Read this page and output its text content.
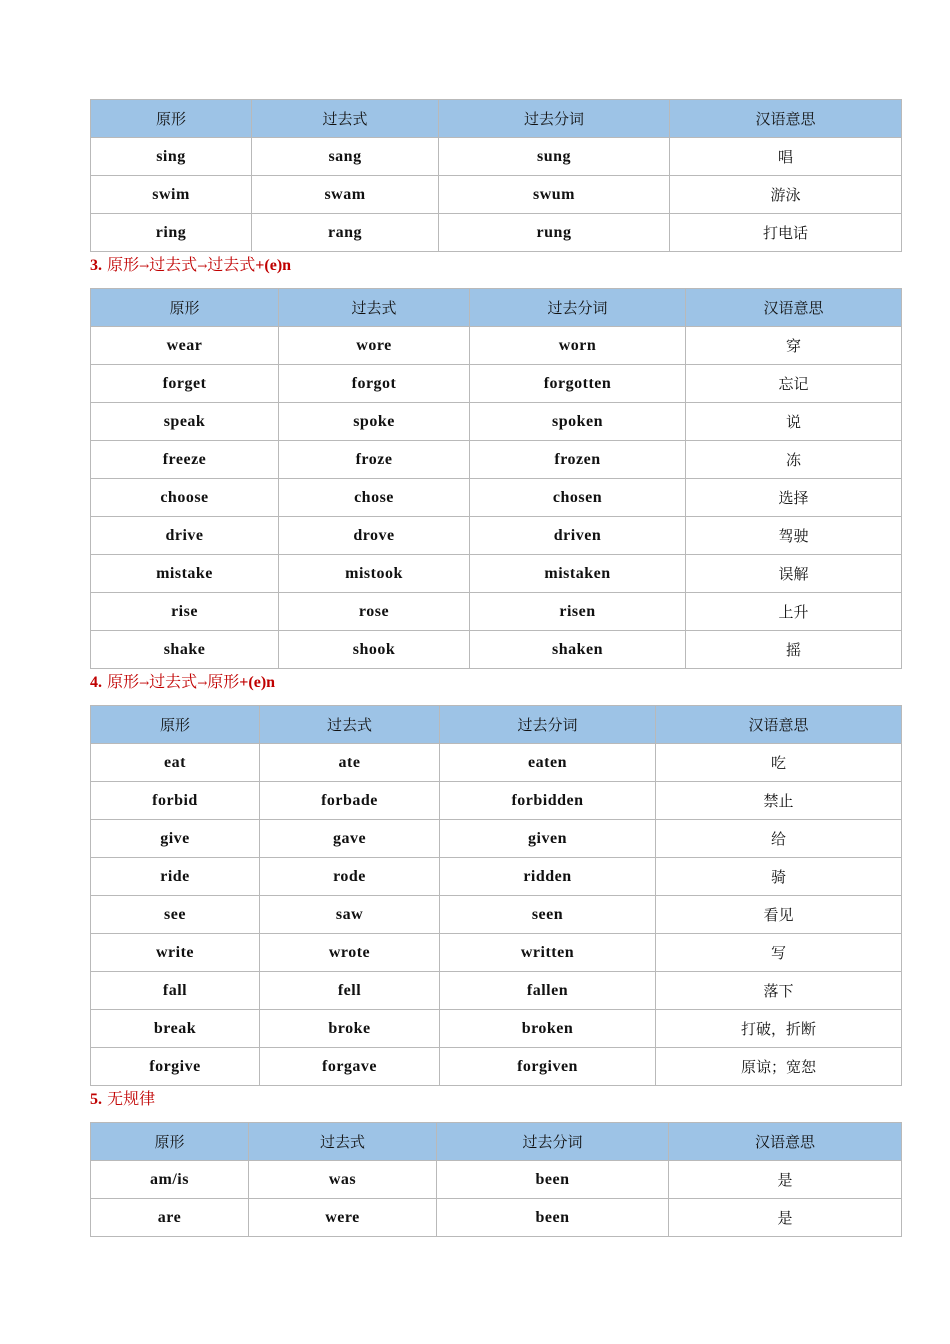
原形	过去式	过去分词	汉语意思
sing	sang	sung	唱
swim	swam	swum	游泳
ring	rang	rung	打电话
3. 原形→过去式→过去式+(e)n
原形	过去式	过去分词	汉语意思
wear	wore	worn	穿
forget	forgot	forgotten	忘记
speak	spoke	spoken	说
freeze	froze	frozen	冻
choose	chose	chosen	选择
drive	drove	driven	驾驶
mistake	mistook	mistaken	误解
rise	rose	risen	上升
shake	shook	shaken	摇
4. 原形→过去式→原形+(e)n
原形	过去式	过去分词	汉语意思
eat	ate	eaten	吃
forbid	forbade	forbidden	禁止
give	gave	given	给
ride	rode	ridden	骑
see	saw	seen	看见
write	wrote	written	写
fall	fell	fallen	落下
break	broke	broken	打破，折断
forgive	forgave	forgiven	原谅；宽恕
5. 无规律
原形	过去式	过去分词	汉语意思
am/is	was	been	是
are	were	been	是
